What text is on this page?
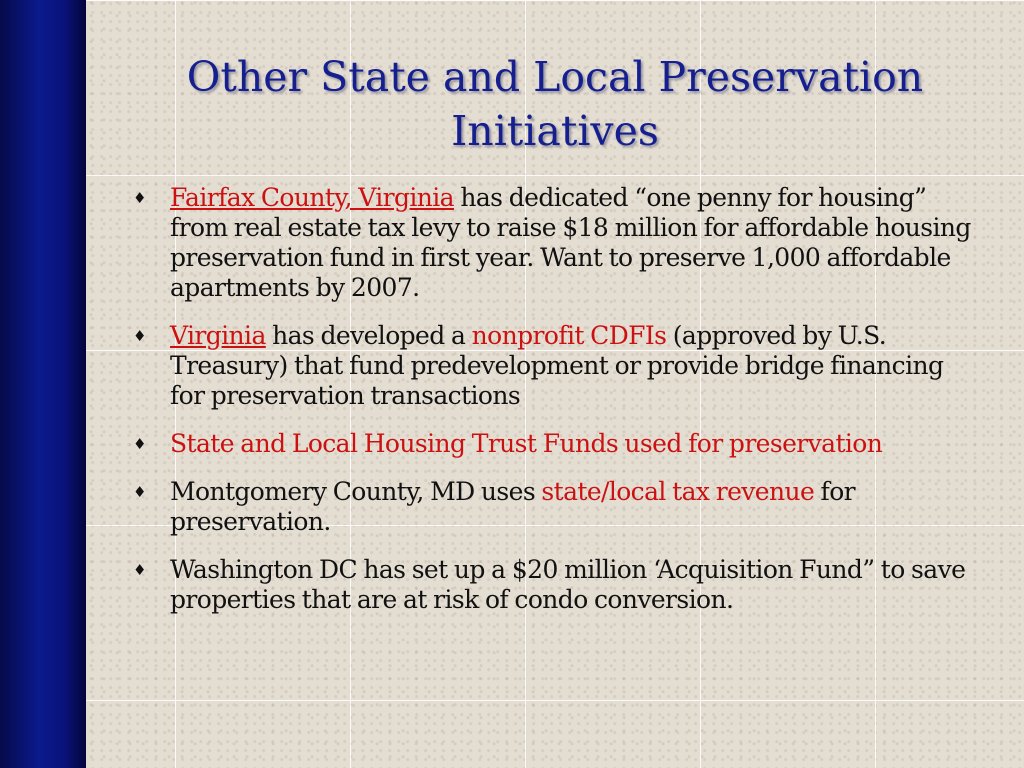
Other State and Local Preservation
Initiatives
♦ Fairfax County, Virginia has dedicated “one penny for housing” from real estate tax levy to raise $18 million for affordable housing preservation fund in first year. Want to preserve 1,000 affordable apartments by 2007.
♦ Virginia has developed a nonprofit CDFIs (approved by U.S. Treasury) that fund predevelopment or provide bridge financing for preservation transactions
♦ State and Local Housing Trust Funds used for preservation
♦ Montgomery County, MD uses state/local tax revenue for preservation.
♦ Washington DC has set up a $20 million ‘Acquisition Fund” to save properties that are at risk of condo conversion.
